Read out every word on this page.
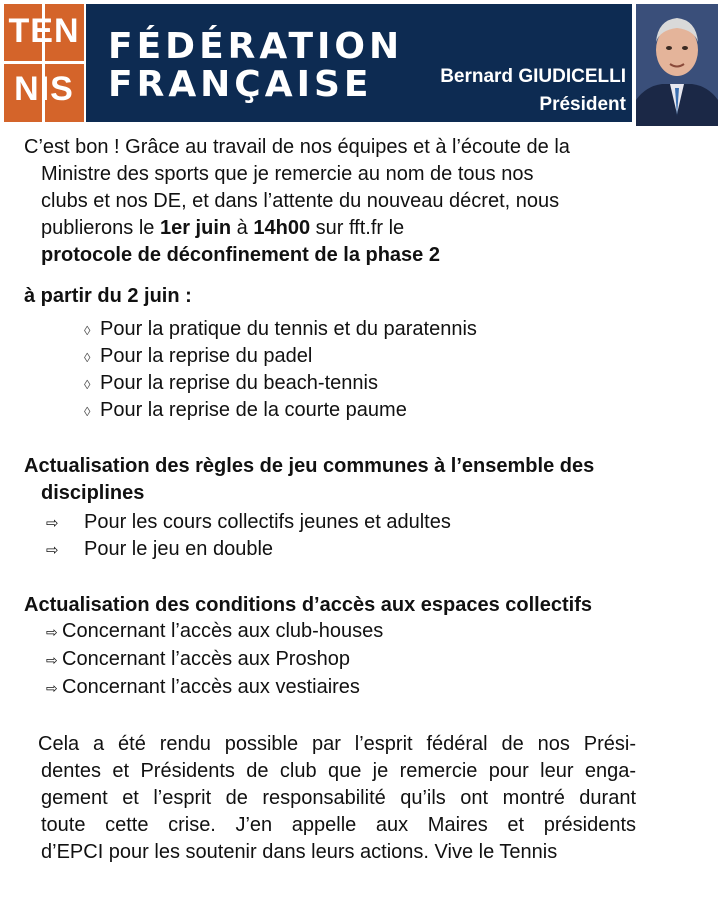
TEN
NIS
FÉDÉRATION
FRANÇAISE	Bernard GIUDICELLI
Président
C’est bon ! Grâce au travail de nos équipes et à l’écoute de la
Ministre des sports que je remercie au nom de tous nos
clubs et nos DE, et dans l’attente du nouveau décret, nous
publierons le 1er juin à 14h00 sur fft.fr le
protocole de déconfinement de la phase 2
à partir du 2 juin :
◊ Pour la pratique du tennis et du paratennis
◊ Pour la reprise du padel
◊ Pour la reprise du beach-tennis
◊ Pour la reprise de la courte paume
Actualisation des règles de jeu communes à l’ensemble des
disciplines
⇨ Pour les cours collectifs jeunes et adultes
⇨ Pour le jeu en double
Actualisation des conditions d’accès aux espaces collectifs
⇨ Concernant l’accès aux club-houses
⇨ Concernant l’accès aux Proshop
⇨ Concernant l’accès aux vestiaires
Cela a été rendu possible par l’esprit fédéral de nos Prési-
dentes et Présidents de club que je remercie pour leur enga-
gement et l’esprit de responsabilité qu’ils ont montré durant
toute cette crise. J’en appelle aux Maires et présidents
d’EPCI pour les soutenir dans leurs actions. Vive le Tennis
